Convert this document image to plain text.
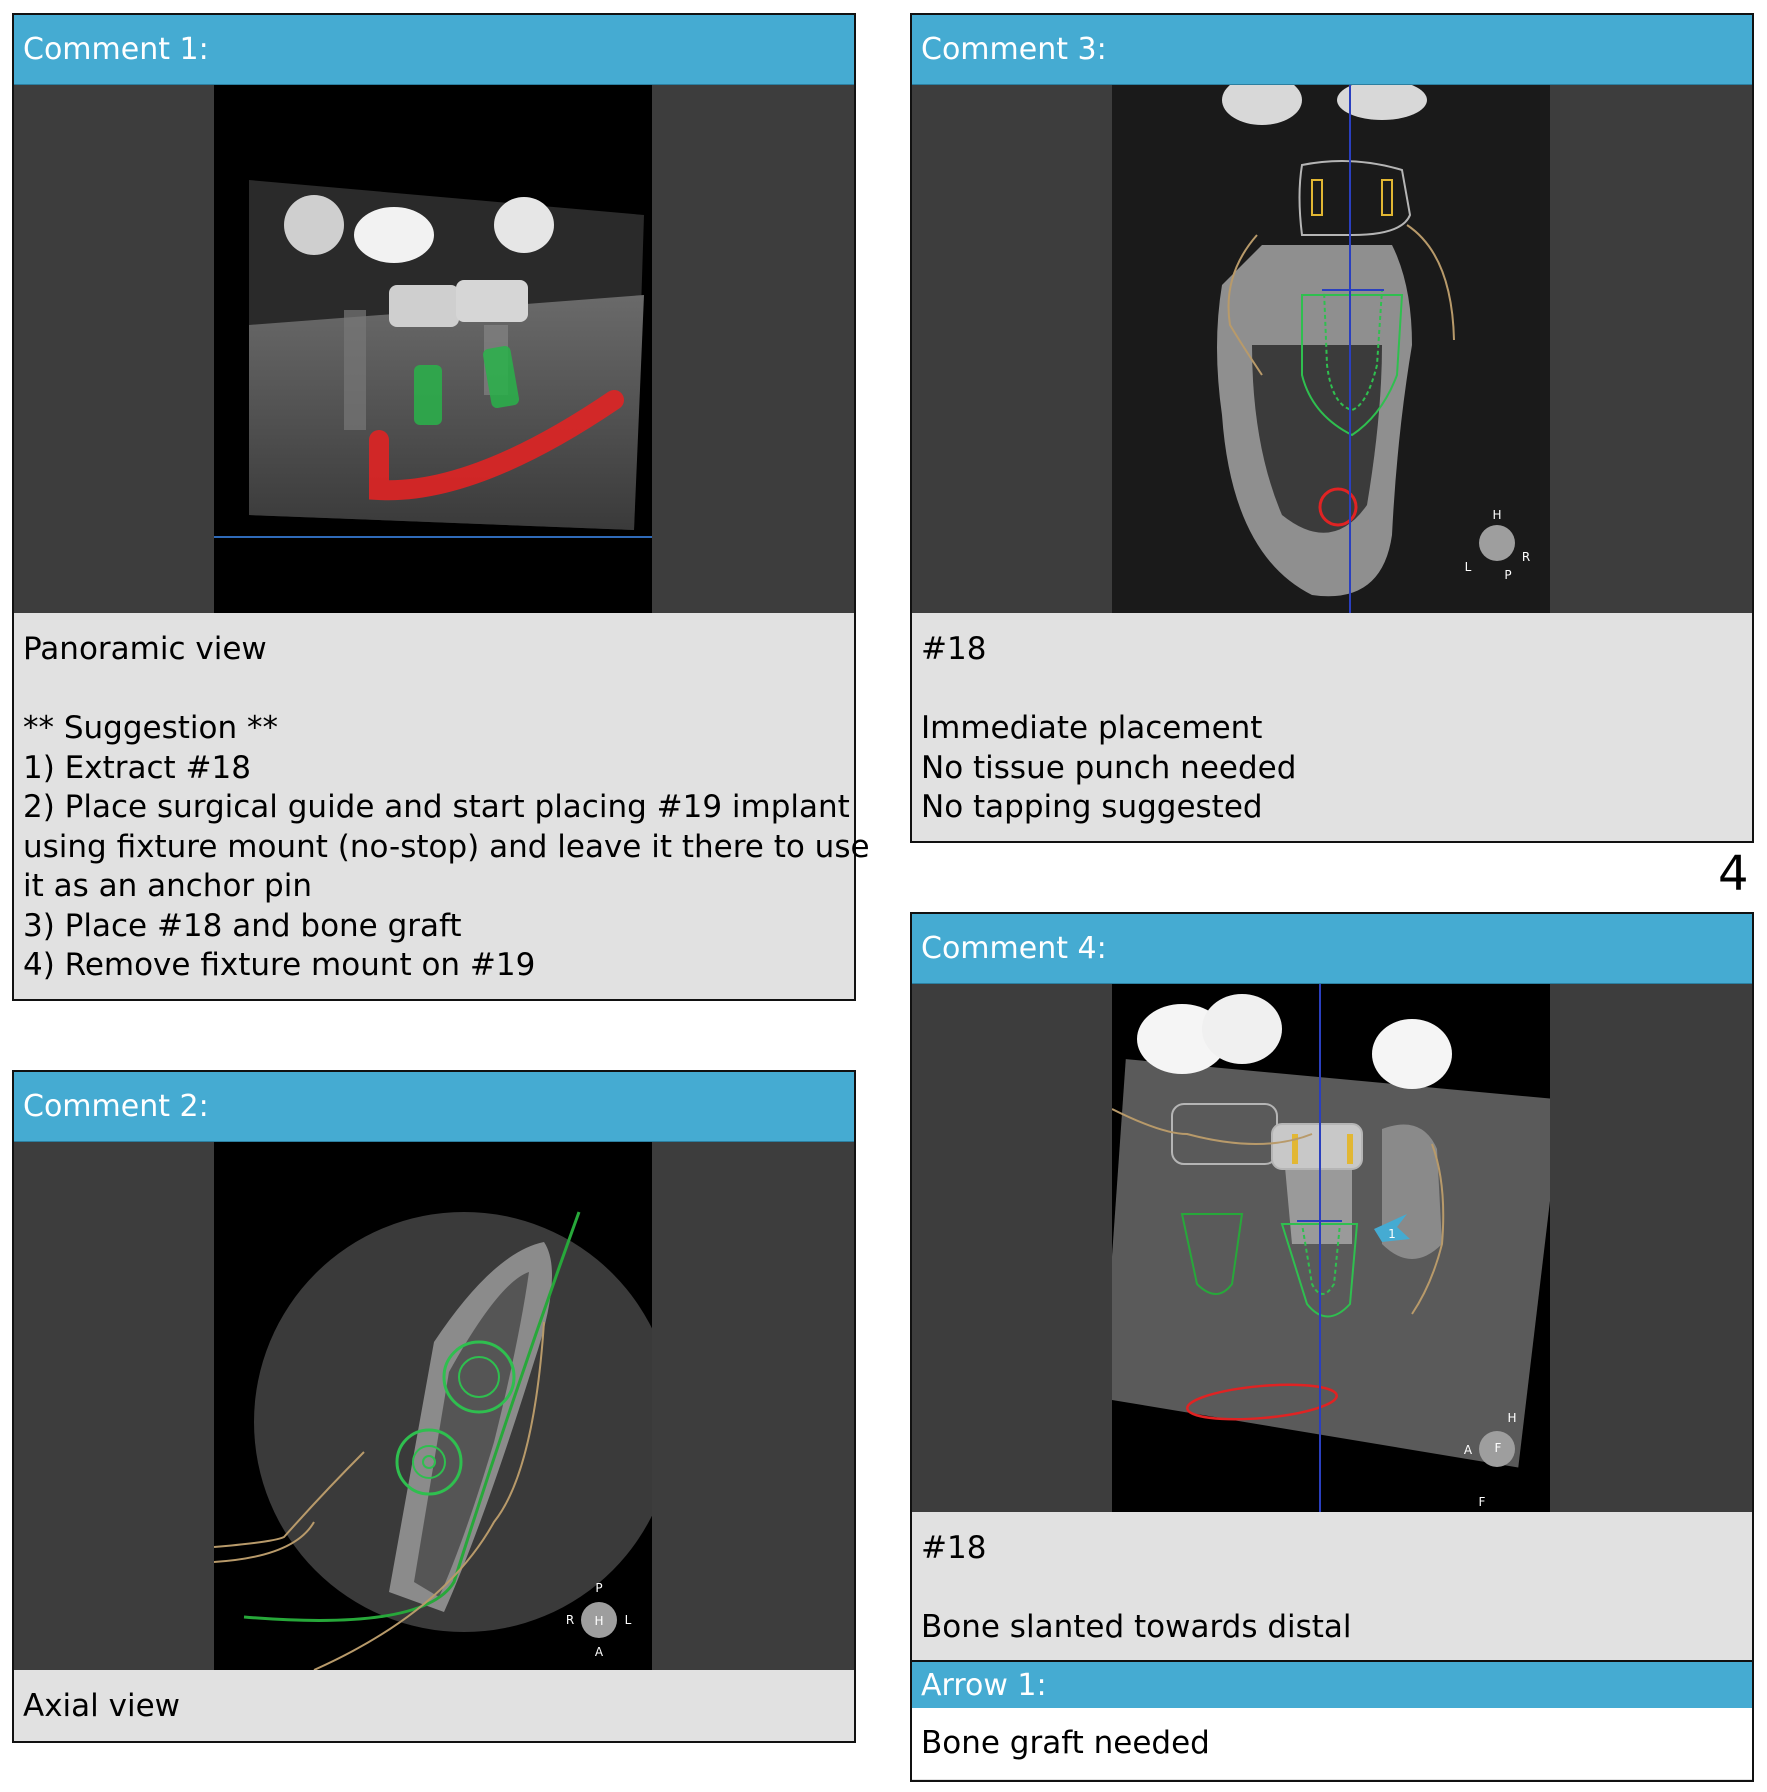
Comment 1:
Panoramic view
** Suggestion **
1) Extract #18
2) Place surgical guide and start placing #19 implant
using fixture mount (no-stop) and leave it there to use
it as an anchor pin
3) Place #18 and bone graft
4) Remove fixture mount on #19
Comment 2:
P
R H L
A
Axial view
Comment 3:
H
L
R
P
#18
Immediate placement
No tissue punch needed
No tapping suggested
4
Comment 4:
1
H
A F
F
#18
Bone slanted towards distal
Arrow 1:
Bone graft needed
